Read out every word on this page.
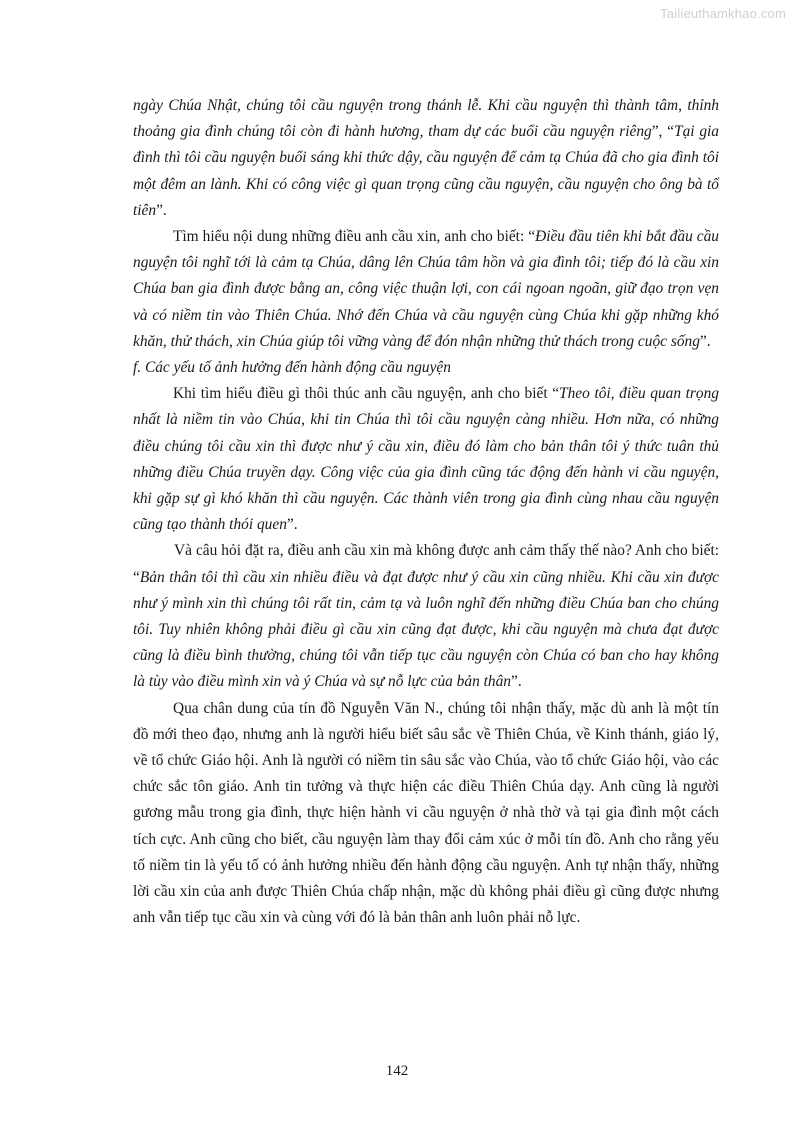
Tailieuthamkhao.com

ngày Chúa Nhật, chúng tôi cầu nguyện trong thánh lễ. Khi cầu nguyện thì thành tâm, thỉnh thoảng gia đình chúng tôi còn đi hành hương, tham dự các buổi cầu nguyện riêng”, “Tại gia đình thì tôi cầu nguyện buổi sáng khi thức dậy, cầu nguyện để cảm tạ Chúa đã cho gia đình tôi một đêm an lành. Khi có công việc gì quan trọng cũng cầu nguyện, cầu nguyện cho ông bà tổ tiên”.

Tìm hiểu nội dung những điều anh cầu xin, anh cho biết: “Điều đầu tiên khi bắt đầu cầu nguyện tôi nghĩ tới là cảm tạ Chúa, dâng lên Chúa tâm hồn và gia đình tôi; tiếp đó là cầu xin Chúa ban gia đình được bằng an, công việc thuận lợi, con cái ngoan ngoãn, giữ đạo trọn vẹn và có niềm tin vào Thiên Chúa. Nhớ đến Chúa và cầu nguyện cùng Chúa khi gặp những khó khăn, thử thách, xin Chúa giúp tôi vững vàng để đón nhận những thử thách trong cuộc sống”.

f. Các yếu tố ảnh hưởng đến hành động cầu nguyện

Khi tìm hiểu điều gì thôi thúc anh cầu nguyện, anh cho biết “Theo tôi, điều quan trọng nhất là niềm tin vào Chúa, khi tin Chúa thì tôi cầu nguyện càng nhiều. Hơn nữa, có những điều chúng tôi cầu xin thì được như ý cầu xin, điều đó làm cho bản thân tôi ý thức tuân thủ những điều Chúa truyền dạy. Công việc của gia đình cũng tác động đến hành vi cầu nguyện, khi gặp sự gì khó khăn thì cầu nguyện. Các thành viên trong gia đình cùng nhau cầu nguyện cũng tạo thành thói quen”.

Và câu hỏi đặt ra, điều anh cầu xin mà không được anh cảm thấy thế nào? Anh cho biết: “Bản thân tôi thì cầu xin nhiều điều và đạt được như ý cầu xin cũng nhiều. Khi cầu xin được như ý mình xin thì chúng tôi rất tin, cảm tạ và luôn nghĩ đến những điều Chúa ban cho chúng tôi. Tuy nhiên không phải điều gì cầu xin cũng đạt được, khi cầu nguyện mà chưa đạt được cũng là điều bình thường, chúng tôi vẫn tiếp tục cầu nguyện còn Chúa có ban cho hay không là tùy vào điều mình xin và ý Chúa và sự nỗ lực của bản thân”.

Qua chân dung của tín đồ Nguyễn Văn N., chúng tôi nhận thấy, mặc dù anh là một tín đồ mới theo đạo, nhưng anh là người hiểu biết sâu sắc về Thiên Chúa, về Kinh thánh, giáo lý, về tổ chức Giáo hội. Anh là người có niềm tin sâu sắc vào Chúa, vào tổ chức Giáo hội, vào các chức sắc tôn giáo. Anh tin tưởng và thực hiện các điều Thiên Chúa dạy. Anh cũng là người gương mẫu trong gia đình, thực hiện hành vi cầu nguyện ở nhà thờ và tại gia đình một cách tích cực. Anh cũng cho biết, cầu nguyện làm thay đổi cảm xúc ở mỗi tín đồ. Anh cho rằng yếu tố niềm tin là yếu tố có ảnh hưởng nhiều đến hành động cầu nguyện. Anh tự nhận thấy, những lời cầu xin của anh được Thiên Chúa chấp nhận, mặc dù không phải điều gì cũng được nhưng anh vẫn tiếp tục cầu xin và cùng với đó là bản thân anh luôn phải nỗ lực.

142
